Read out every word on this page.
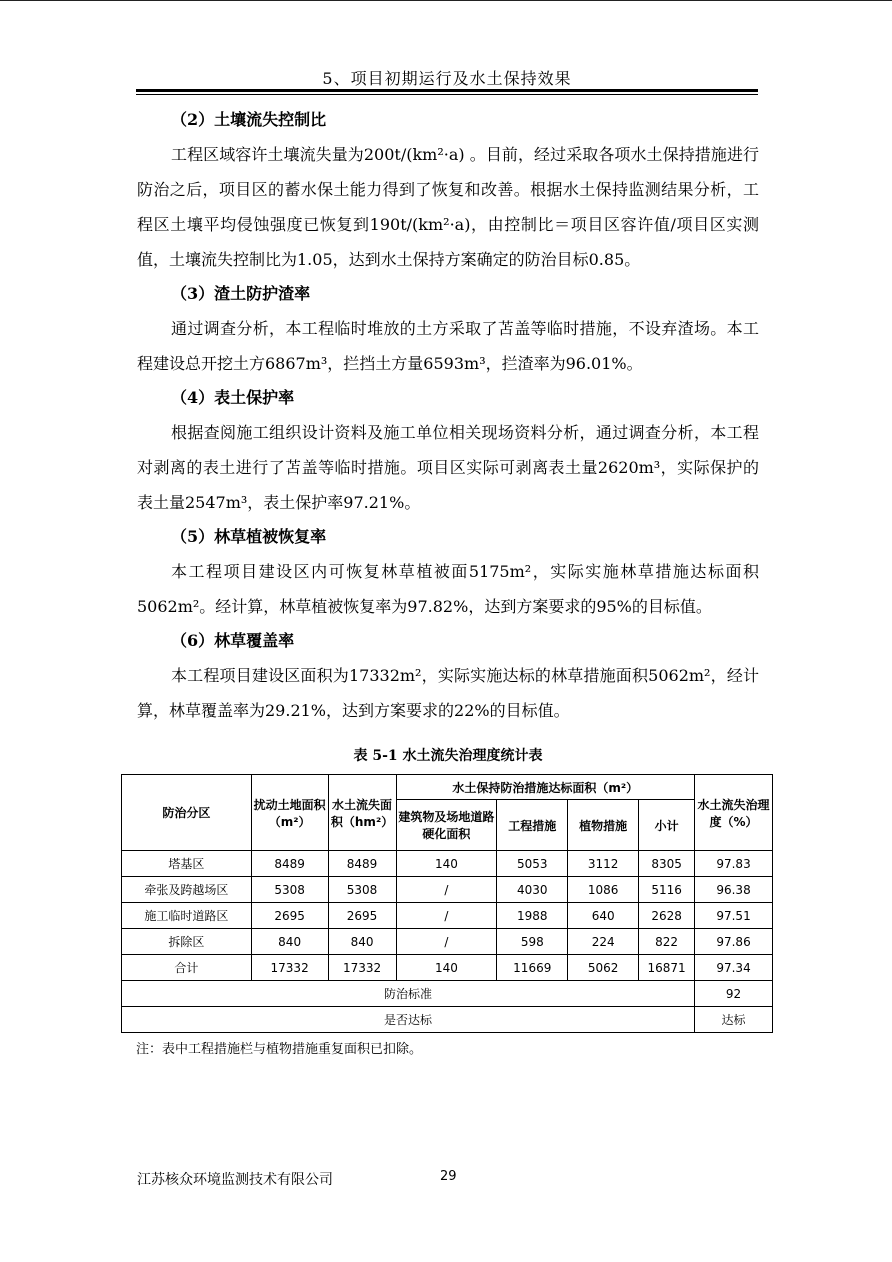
5、项目初期运行及水土保持效果
（2）土壤流失控制比
工程区域容许土壤流失量为200t/(km²·a) 。目前，经过采取各项水土保持措施进行防治之后，项目区的蓄水保土能力得到了恢复和改善。根据水土保持监测结果分析，工程区土壤平均侵蚀强度已恢复到190t/(km²·a)，由控制比＝项目区容许值/项目区实测值，土壤流失控制比为1.05，达到水土保持方案确定的防治目标0.85。
（3）渣土防护渣率
通过调查分析，本工程临时堆放的土方采取了苫盖等临时措施，不设弃渣场。本工程建设总开挖土方6867m³，拦挡土方量6593m³，拦渣率为96.01%。
（4）表土保护率
根据查阅施工组织设计资料及施工单位相关现场资料分析，通过调查分析，本工程对剥离的表土进行了苫盖等临时措施。项目区实际可剥离表土量2620m³，实际保护的表土量2547m³，表土保护率97.21%。
（5）林草植被恢复率
本工程项目建设区内可恢复林草植被面5175m²，实际实施林草措施达标面积5062m²。经计算，林草植被恢复率为97.82%，达到方案要求的95%的目标值。
（6）林草覆盖率
本工程项目建设区面积为17332m²，实际实施达标的林草措施面积5062m²，经计算，林草覆盖率为29.21%，达到方案要求的22%的目标值。
表 5-1 水土流失治理度统计表
防治分区	扰动土地面积（m²）	水土流失面积（hm²）	水土保持防治措施达标面积（m²）				水土流失治理度（%）
			建筑物及场地道路硬化面积	工程措施	植物措施	小计	
塔基区	8489	8489	140	5053	3112	8305	97.83
牵张及跨越场区	5308	5308	/	4030	1086	5116	96.38
施工临时道路区	2695	2695	/	1988	640	2628	97.51
拆除区	840	840	/	598	224	822	97.86
合计	17332	17332	140	11669	5062	16871	97.34
防治标准							92
是否达标							达标
注：表中工程措施栏与植物措施重复面积已扣除。
江苏核众环境监测技术有限公司	29
